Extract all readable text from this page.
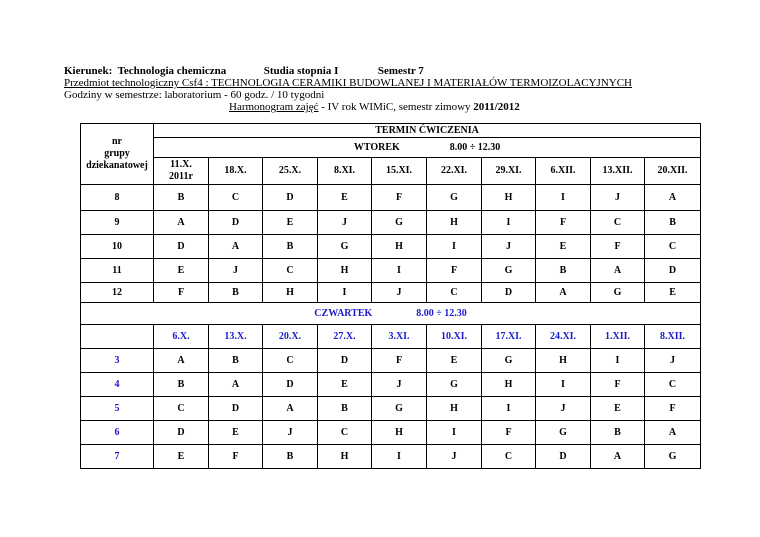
Kierunek: Technologia chemiczna	Studia stopnia I	Semestr 7
Przedmiot technologiczny Csf4 : TECHNOLOGIA CERAMIKI BUDOWLANEJ I MATERIAŁÓW TERMOIZOLACYJNYCH
Godziny w semestrze: laboratorium - 60 godz. / 10 tygodni
Harmonogram zajęć - IV rok WIMiC, semestr zimowy 2011/2012
nr
grupy
dziekanatowej	TERMIN ĆWICZENIA									
	WTOREK 8.00 ÷ 12.30									
	11.X.
2011r	18.X.	25.X.	8.XI.	15.XI.	22.XI.	29.XI.	6.XII.	13.XII.	20.XII.
8	B	C	D	E	F	G	H	I	J	A
9	A	D	E	J	G	H	I	F	C	B
10	D	A	B	G	H	I	J	E	F	C
11	E	J	C	H	I	F	G	B	A	D
12	F	B	H	I	J	C	D	A	G	E
CZWARTEK 8.00 ÷ 12.30										
	6.X.	13.X.	20.X.	27.X.	3.XI.	10.XI.	17.XI.	24.XI.	1.XII.	8.XII.
3	A	B	C	D	F	E	G	H	I	J
4	B	A	D	E	J	G	H	I	F	C
5	C	D	A	B	G	H	I	J	E	F
6	D	E	J	C	H	I	F	G	B	A
7	E	F	B	H	I	J	C	D	A	G
